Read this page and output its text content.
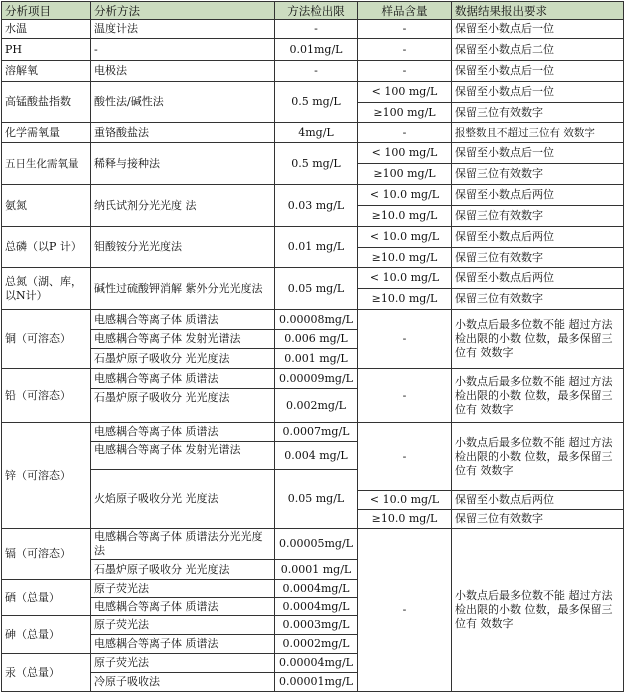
分析项目	分析方法	方法检出限	样品含量	数据结果报出要求
水温	温度计法	-	-	保留至小数点后一位
PH	-	0.01mg/L	-	保留至小数点后二位
溶解氧	电极法	-	-	保留至小数点后一位
高锰酸盐指数	酸性法/碱性法	0.5 mg/L	< 100 mg/L	保留至小数点后一位
			≥100 mg/L	保留三位有效数字
化学需氧量	重铬酸盐法	4mg/L	-	报整数且不超过三位有 效数字
五日生化需氧量	稀释与接种法	0.5 mg/L	< 100 mg/L	保留至小数点后一位
			≥100 mg/L	保留三位有效数字
氨氮	纳氏试剂分光光度 法	0.03 mg/L	< 10.0 mg/L	保留至小数点后两位
			≥10.0 mg/L	保留三位有效数字
总磷（以P 计）	钼酸铵分光光度法	0.01 mg/L	< 10.0 mg/L	保留至小数点后两位
			≥10.0 mg/L	保留三位有效数字
总氮（湖、库，以N计）	碱性过硫酸钾消解 紫外分光光度法	0.05 mg/L	< 10.0 mg/L	保留至小数点后两位
			≥10.0 mg/L	保留三位有效数字
铜（可溶态）	电感耦合等离子体 质谱法	0.00008mg/L	-	小数点后最多位数不能 超过方法检出限的小数 位数，最多保留三位有 效数字
	电感耦合等离子体 发射光谱法	0.006 mg/L		
	石墨炉原子吸收分 光光度法	0.001 mg/L		
铅（可溶态）	电感耦合等离子体 质谱法	0.00009mg/L	-	小数点后最多位数不能 超过方法检出限的小数 位数，最多保留三位有 效数字
	石墨炉原子吸收分 光光度法	0.002mg/L		
锌（可溶态）	电感耦合等离子体 质谱法	0.0007mg/L	-	小数点后最多位数不能 超过方法检出限的小数 位数，最多保留三位有 效数字
	电感耦合等离子体 发射光谱法	0.004 mg/L		
	火焰原子吸收分光 光度法	0.05 mg/L		
			< 10.0 mg/L	保留至小数点后两位
			≥10.0 mg/L	保留三位有效数字
镉（可溶态）	电感耦合等离子体 质谱法分光光度法	0.00005mg/L	-	小数点后最多位数不能 超过方法检出限的小数 位数，最多保留三位有 效数字
	石墨炉原子吸收分 光光度法	0.0001 mg/L		
硒（总量）	原子荧光法	0.0004mg/L		
	电感耦合等离子体 质谱法	0.0004mg/L		
砷（总量）	原子荧光法	0.0003mg/L		
	电感耦合等离子体 质谱法	0.0002mg/L		
汞（总量）	原子荧光法	0.00004mg/L		
	冷原子吸收法	0.00001mg/L		
